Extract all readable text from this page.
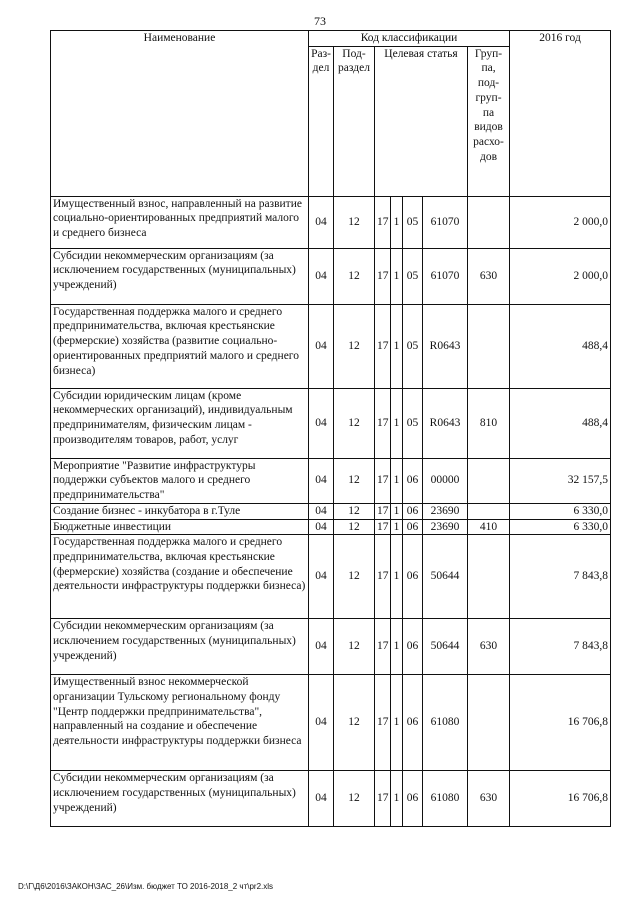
73
Наименование	Код классификации							2016 год
	Раз-дел	Под-раздел	Целевая статья				Груп-па, под-груп-па видов расхо-дов	
Имущественный взнос, направленный на развитие социально-ориентированных предприятий малого и среднего бизнеса	04	12	17	1	05	61070		2 000,0
Субсидии некоммерческим организациям (за исключением государственных (муниципальных) учреждений)	04	12	17	1	05	61070	630	2 000,0
Государственная поддержка малого и среднего предпринимательства, включая крестьянские (фермерские) хозяйства (развитие социально-ориентированных предприятий малого и среднего бизнеса)	04	12	17	1	05	R0643		488,4
Субсидии юридическим лицам (кроме некоммерческих организаций), индивидуальным предпринимателям, физическим лицам - производителям товаров, работ, услуг	04	12	17	1	05	R0643	810	488,4
Мероприятие "Развитие инфраструктуры поддержки субъектов малого и среднего предпринимательства"	04	12	17	1	06	00000		32 157,5
Создание бизнес - инкубатора в г.Туле	04	12	17	1	06	23690		6 330,0
Бюджетные инвестиции	04	12	17	1	06	23690	410	6 330,0
Государственная поддержка малого и среднего предпринимательства, включая крестьянские (фермерские) хозяйства (создание и обеспечение деятельности инфраструктуры поддержки бизнеса)	04	12	17	1	06	50644		7 843,8
Субсидии некоммерческим организациям (за исключением государственных (муниципальных) учреждений)	04	12	17	1	06	50644	630	7 843,8
Имущественный взнос некоммерческой организации Тульскому региональному фонду "Центр поддержки предпринимательства", направленный на создание и обеспечение деятельности инфраструктуры поддержки бизнеса	04	12	17	1	06	61080		16 706,8
Субсидии некоммерческим организациям (за исключением государственных (муниципальных) учреждений)	04	12	17	1	06	61080	630	16 706,8
D:\Г\Д6\2016\ЗАКОН\ЗАС_26\Изм. бюджет ТО 2016-2018_2 чт\pr2.xls
